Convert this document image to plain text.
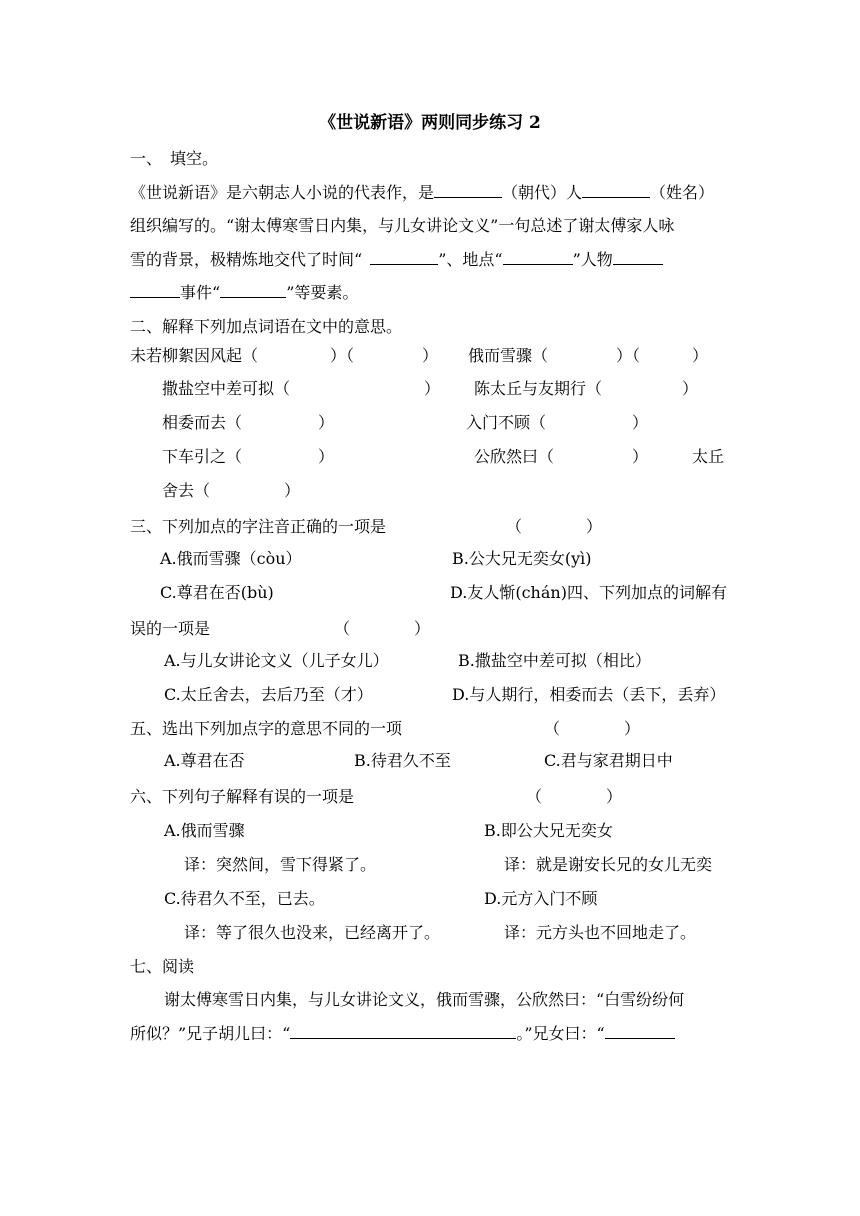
《世说新语》两则同步练习 2
一、　填空。
《世说新语》是六朝志人小说的代表作，是	（朝代）人	（姓名）
组织编写的。“谢太傅寒雪日内集，与儿女讲论文义”一句总述了谢太傅家人咏
雪的背景，极精炼地交代了时间“	”、地点“	”人物
事件“	”等要素。
二、解释下列加点词语在文中的意思。
未若柳絮因风起（	）（	） 俄而雪骤（	）（	）
撒盐空中差可拟（	） 陈太丘与友期行（	）
相委而去（	）	入门不顾（	）
下车引之（	）	公欣然曰（	）	太丘
舍去（	）
三、下列加点的字注音正确的一项是	（　　　　）
A.俄而雪骤（còu）	B.公大兄无奕女(yì)
C.尊君在否(bù)	D.友人惭(chán)四、下列加点的词解有
误的一项是	（　　　　）
A.与儿女讲论文义（儿子女儿）	B.撒盐空中差可拟（相比）
C.太丘舍去，去后乃至（才）	D.与人期行，相委而去（丢下，丢弃）
五、选出下列加点字的意思不同的一项	（　　　　）
A.尊君在否	B.待君久不至	C.君与家君期日中
六、下列句子解释有误的一项是	（　　　　）
A.俄而雪骤	B.即公大兄无奕女
译：突然间，雪下得紧了。	译：就是谢安长兄的女儿无奕
C.待君久不至，已去。	D.元方入门不顾
译：等了很久也没来，已经离开了。	译：元方头也不回地走了。
七、阅读
谢太傅寒雪日内集，与儿女讲论文义，俄而雪骤，公欣然曰：“白雪纷纷何
所似？”兄子胡儿曰：“	。”兄女曰：“
